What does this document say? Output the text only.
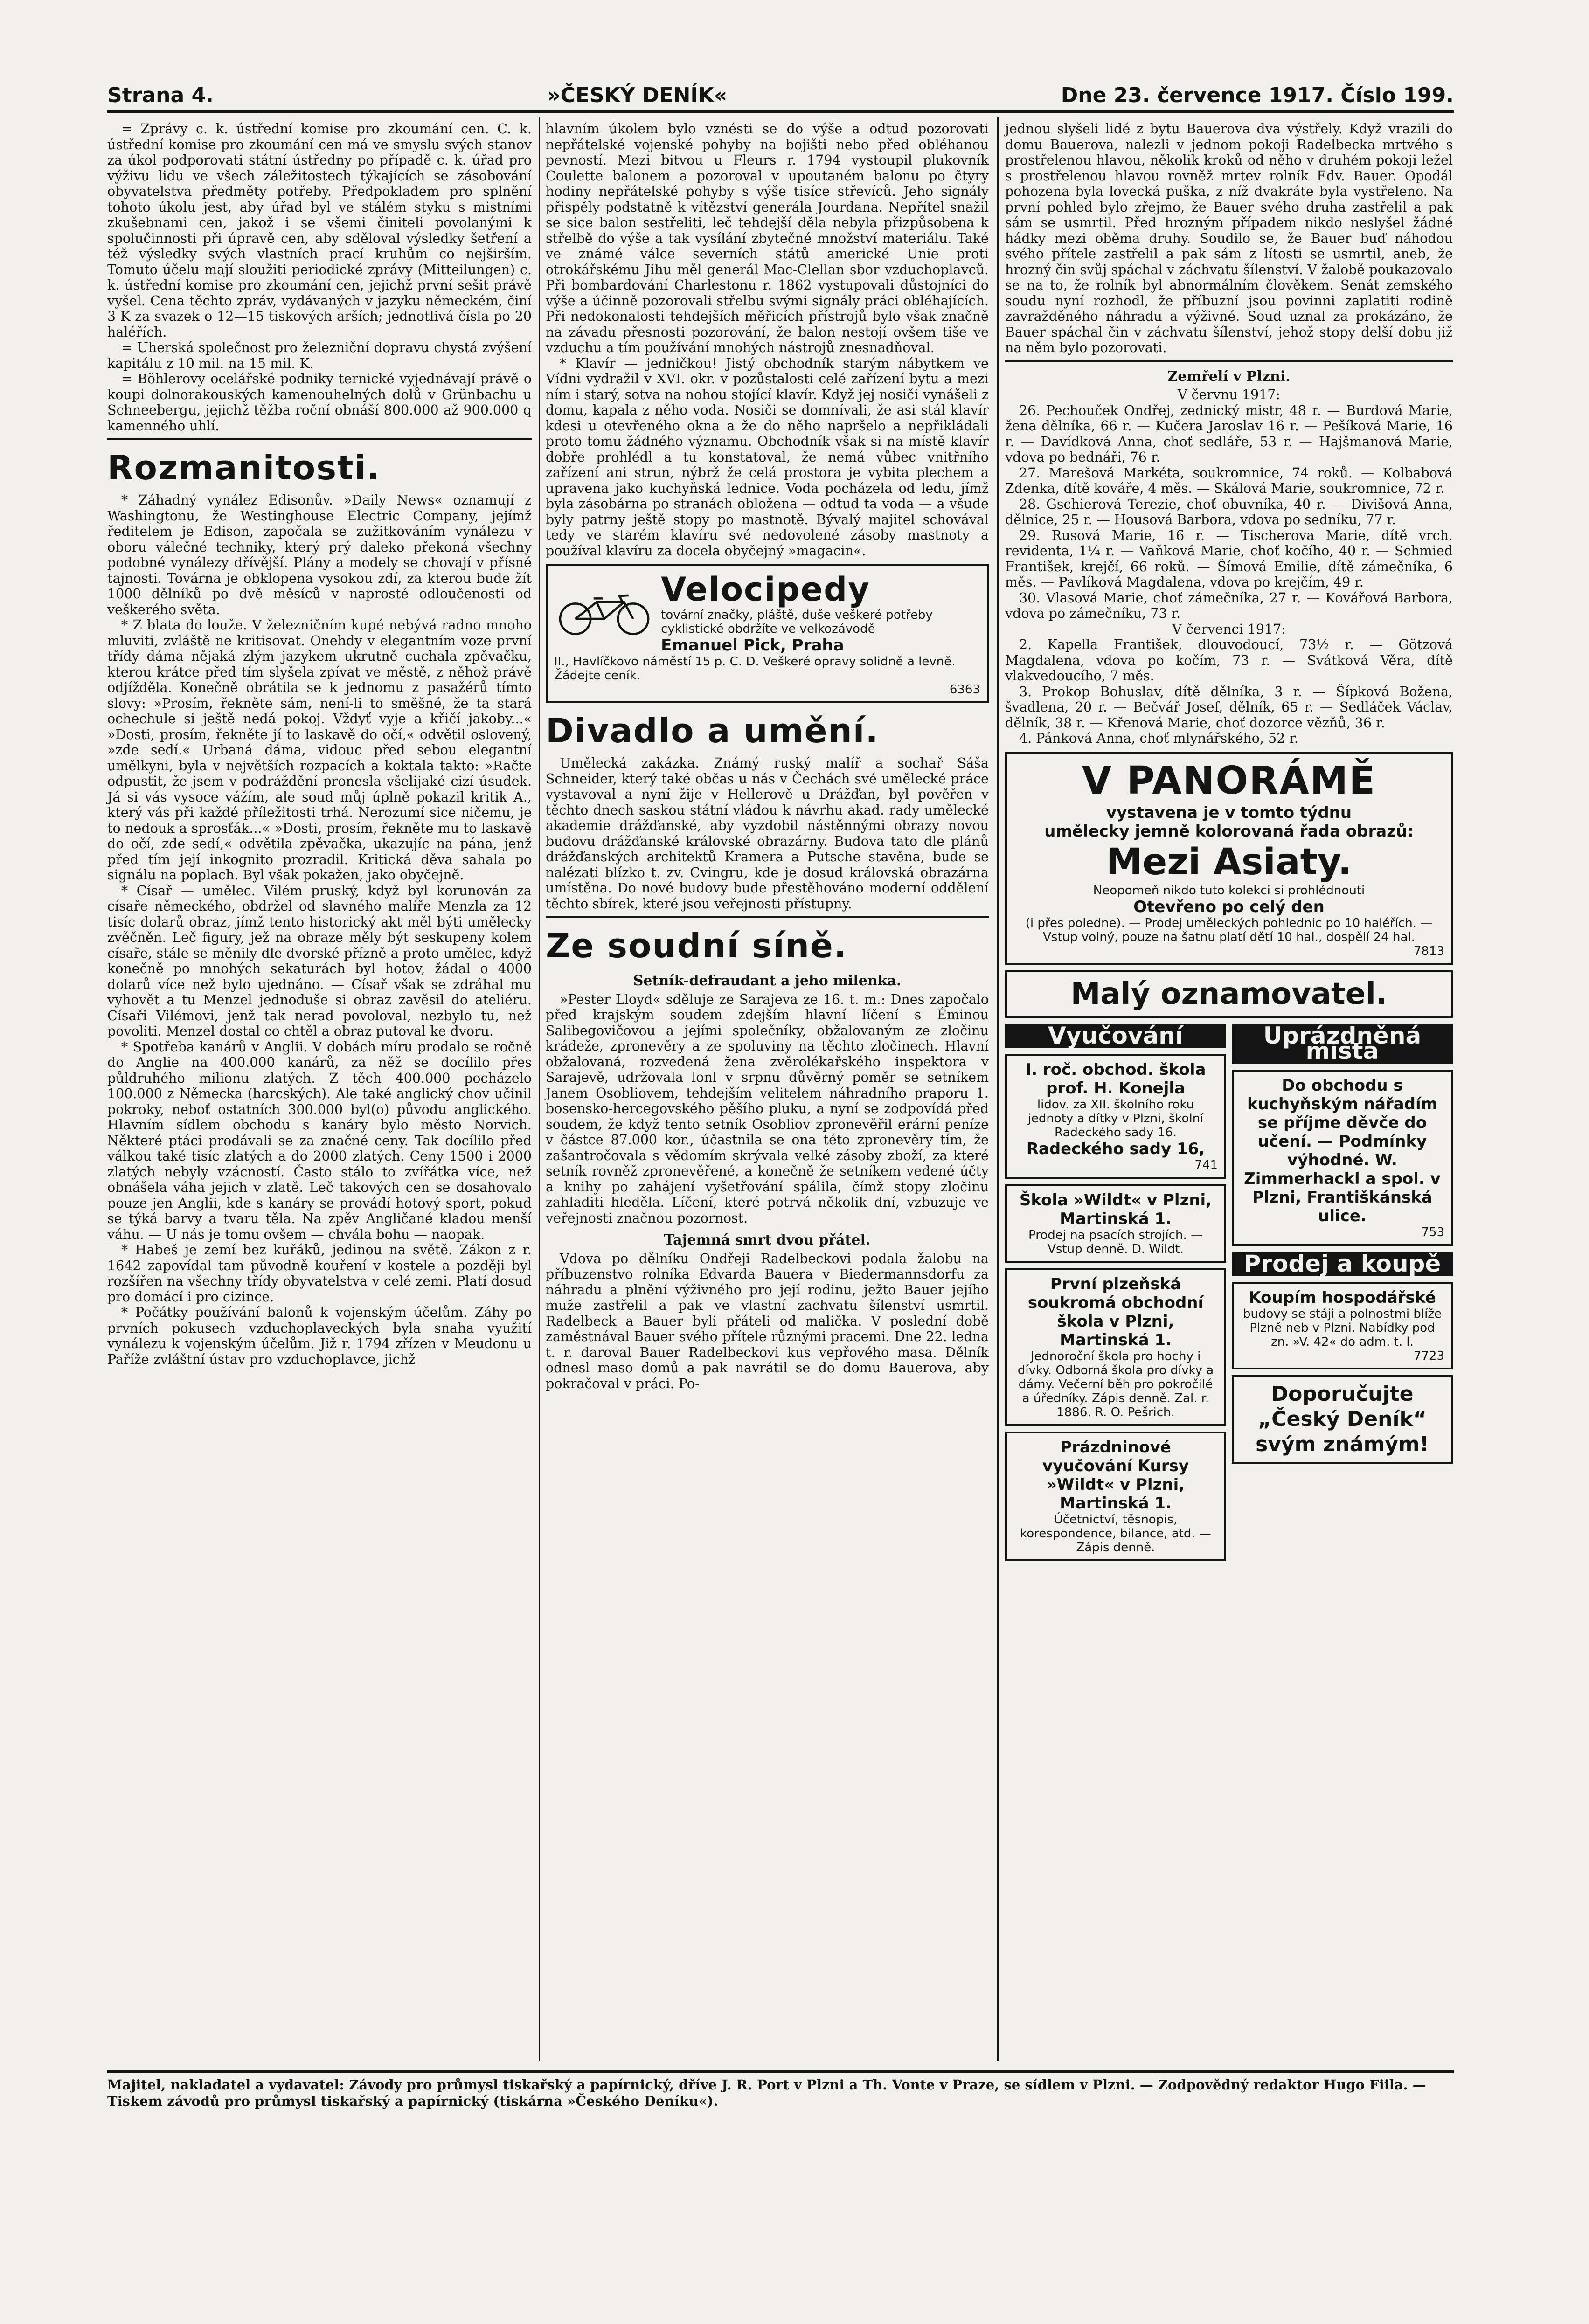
Strana 4.	»ČESKÝ DENÍK«	Dne 23. července 1917. Číslo 199.

= Zprávy c. k. ústřední komise pro zkoumání cen. C. k. ústřední komise pro zkoumání cen má ve smyslu svých stanov za úkol podporovati státní ústředny po případě c. k. úřad pro výživu lidu ve všech záležitostech týkajících se zásobování obyvatelstva předměty potřeby. Předpokladem pro splnění tohoto úkolu jest, aby úřad byl ve stálém styku s mistními zkušebnami cen, jakož i se všemi činiteli povolanými k spolučinnosti při úpravě cen, aby sděloval výsledky šetření a též výsledky svých vlastních prací kruhům co nejširším. Tomuto účelu mají sloužiti periodické zprávy (Mitteilungen) c. k. ústřední komise pro zkoumání cen, jejichž první sešit právě vyšel. Cena těchto zpráv, vydávaných v jazyku německém, činí 3 K za svazek o 12—15 tiskových arších; jednotlivá čísla po 20 haléřích.

= Uherská společnost pro železniční dopravu chystá zvýšení kapitálu z 10 mil. na 15 mil. K.

= Böhlerovy ocelářské podniky ternické vyjednávají právě o koupi dolnorakouských kamenouhelných dolů v Grünbachu u Schneebergu, jejichž těžba roční obnáší 800.000 až 900.000 q kamenného uhlí.

Rozmanitosti.

* Záhadný vynález Edisonův. »Daily News« oznamují z Washingtonu, že Westinghouse Electric Company, jejímž ředitelem je Edison, započala se zužitkováním vynálezu v oboru válečné techniky, který prý daleko překoná všechny podobné vynálezy dřívější. Plány a modely se chovají v přísné tajnosti. Továrna je obklopena vysokou zdí, za kterou bude žít 1000 dělníků po dvě měsíců v naprosté odloučenosti od veškerého světa.

* Z blata do louže. V železničním kupé nebývá radno mnoho mluviti, zvláště ne kritisovat. Onehdy v elegantním voze první třídy dáma nějaká zlým jazykem ukrutně cuchala zpěvačku, kterou krátce před tím slyšela zpívat ve městě, z něhož právě odjížděla. Konečně obrátila se k jednomu z pasažérů tímto slovy: »Prosím, řekněte sám, není-li to směšné, že ta stará ochechule si ještě nedá pokoj. Vždyť vyje a křičí jakoby...« »Dosti, prosím, řekněte jí to laskavě do očí,« odvětil oslovený, »zde sedí.« Urbaná dáma, vidouc před sebou elegantní umělkyni, byla v největších rozpacích a koktala takto: »Račte odpustit, že jsem v podráždění pronesla všelijaké cizí úsudek. Já si vás vysoce vážím, ale soud můj úplně pokazil kritik A., který vás při každé příležitosti trhá. Nerozumí sice ničemu, je to nedouk a sprosťák...« »Dosti, prosím, řekněte mu to laskavě do očí, zde sedí,« odvětila zpěvačka, ukazujíc na pána, jenž před tím její inkognito prozradil. Kritická děva sahala po signálu na poplach. Byl však pokažen, jako obyčejně.

* Císař — umělec. Vilém pruský, když byl korunován za císaře německého, obdržel od slavného malíře Menzla za 12 tisíc dolarů obraz, jímž tento historický akt měl býti umělecky zvěčněn. Leč figury, jež na obraze měly být seskupeny kolem císaře, stále se měnily dle dvorské přízně a proto umělec, když konečně po mnohých sekaturách byl hotov, žádal o 4000 dolarů více než bylo ujednáno. — Císař však se zdráhal mu vyhovět a tu Menzel jednoduše si obraz zavěsil do ateliéru. Císaři Vilémovi, jenž tak nerad povoloval, nezbylo tu, než povoliti. Menzel dostal co chtěl a obraz putoval ke dvoru.

* Spotřeba kanárů v Anglii. V dobách míru prodalo se ročně do Anglie na 400.000 kanárů, za něž se docílilo přes půldruhého milionu zlatých. Z těch 400.000 pocházelo 100.000 z Německa (harcských). Ale také anglický chov učinil pokroky, neboť ostatních 300.000 byl(o) původu anglického. Hlavním sídlem obchodu s kanáry bylo město Norvich. Některé ptáci prodávali se za značné ceny. Tak docílilo před válkou také tisíc zlatých a do 2000 zlatých. Ceny 1500 i 2000 zlatých nebyly vzácností. Často stálo to zvířátka více, než obnášela váha jejich v zlatě. Leč takových cen se dosahovalo pouze jen Anglii, kde s kanáry se provádí hotový sport, pokud se týká barvy a tvaru těla. Na zpěv Angličané kladou menší váhu. — U nás je tomu ovšem — chvála bohu — naopak.

* Habeš je zemí bez kuřáků, jedinou na světě. Zákon z r. 1642 zapovídal tam původně kouření v kostele a později byl rozšířen na všechny třídy obyvatelstva v celé zemi. Platí dosud pro domácí i pro cizince.

* Počátky používání balonů k vojenským účelům. Záhy po prvních pokusech vzduchoplaveckých byla snaha využití vynálezu k vojenským účelům. Již r. 1794 zřízen v Meudonu u Paříže zvláštní ústav pro vzduchoplavce, jichž

hlavním úkolem bylo vznésti se do výše a odtud pozorovati nepřátelské vojenské pohyby na bojišti nebo před obléhanou pevností. Mezi bitvou u Fleurs r. 1794 vystoupil plukovník Coulette balonem a pozoroval v upoutaném balonu po čtyry hodiny nepřátelské pohyby s výše tisíce střevíců. Jeho signály přispěly podstatně k vítězství generála Jourdana. Nepřítel snažil se sice balon sestřeliti, leč tehdejší děla nebyla přizpůsobena k střelbě do výše a tak vysílání zbytečné množství materiálu. Také ve známé válce severních států americké Unie proti otrokářskému Jihu měl generál Mac-Clellan sbor vzduchoplavců. Při bombardování Charlestonu r. 1862 vystupovali důstojníci do výše a účinně pozorovali střelbu svými signály práci obléhajících. Při nedokonalosti tehdejších měřicích přístrojů bylo však značně na závadu přesnosti pozorování, že balon nestojí ovšem tiše ve vzduchu a tím používání mnohých nástrojů znesnadňoval.

* Klavír — jedničkou! Jistý obchodník starým nábytkem ve Vídni vydražil v XVI. okr. v pozůstalosti celé zařízení bytu a mezi ním i starý, sotva na nohou stojící klavír. Když jej nosiči vynášeli z domu, kapala z něho voda. Nosiči se domnívali, že asi stál klavír kdesi u otevřeného okna a že do něho napršelo a nepřikládali proto tomu žádného významu. Obchodník však si na místě klavír dobře prohlédl a tu konstatoval, že nemá vůbec vnitřního zařízení ani strun, nýbrž že celá prostora je vybita plechem a upravena jako kuchyňská lednice. Voda pocházela od ledu, jímž byla zásobárna po stranách obložena — odtud ta voda — a všude byly patrny ještě stopy po mastnotě. Bývalý majitel schovával tedy ve starém klavíru své nedovolené zásoby mastnoty a používal klavíru za docela obyčejný »magacin«.

Velocipedy
tovární značky, pláště, duše veškeré potřeby cyklistické obdržíte ve velkozávodě
Emanuel Pick, Praha
II., Havlíčkovo náměstí 15 p. C. D. Veškeré opravy solidně a levně. Žádejte ceník.
6363
Divadlo a umění.

Umělecká zakázka. Známý ruský malíř a sochař Sáša Schneider, který také občas u nás v Čechách své umělecké práce vystavoval a nyní žije v Hellerově u Drážďan, byl pověřen v těchto dnech saskou státní vládou k návrhu akad. rady umělecké akademie drážďanské, aby vyzdobil nástěnnými obrazy novou budovu drážďanské královské obrazárny. Budova tato dle plánů drážďanských architektů Kramera a Putsche stavěna, bude se nalézati blízko t. zv. Cvingru, kde je dosud královská obrazárna umístěna. Do nové budovy bude přestěhováno moderní oddělení těchto sbírek, které jsou veřejnosti přístupny.

Ze soudní síně.
Setník-defraudant a jeho milenka.

»Pester Lloyd« sděluje ze Sarajeva ze 16. t. m.: Dnes započalo před krajským soudem zdejším hlavní líčení s Éminou Salibegovičovou a jejími společníky, obžalovaným ze zločinu krádeže, zpronevěry a ze spoluviny na těchto zločinech. Hlavní obžalovaná, rozvedená žena zvěrolékařského inspektora v Sarajevě, udržovala lonl v srpnu důvěrný poměr se setníkem Janem Osobliovem, tehdejším velitelem náhradního praporu 1. bosensko-hercegovského pěšího pluku, a nyní se zodpovídá před soudem, že když tento setník Osobliov zpronevěřil erární peníze v částce 87.000 kor., účastnila se ona této zpronevěry tím, že zašantročovala s vědomím skrývala velké zásoby zboží, za které setník rovněž zpronevěřené, a konečně že setníkem vedené účty a knihy po zahájení vyšetřování spálila, čímž stopy zločinu zahladiti hleděla. Líčení, které potrvá několik dní, vzbuzuje ve veřejnosti značnou pozornost.

Tajemná smrt dvou přátel.

Vdova po dělníku Ondřeji Radelbeckovi podala žalobu na příbuzenstvo rolníka Edvarda Bauera v Biedermannsdorfu za náhradu a plnění výživného pro její rodinu, ježto Bauer jejího muže zastřelil a pak ve vlastní zachvatu šílenství usmrtil. Radelbeck a Bauer byli přáteli od malička. V poslední době zaměstnával Bauer svého přítele různými pracemi. Dne 22. ledna t. r. daroval Bauer Radelbeckovi kus vepřového masa. Dělník odnesl maso domů a pak navrátil se do domu Bauerova, aby pokračoval v práci. Po-

jednou slyšeli lidé z bytu Bauerova dva výstřely. Když vrazili do domu Bauerova, nalezli v jednom pokoji Radelbecka mrtvého s prostřelenou hlavou, několik kroků od něho v druhém pokoji ležel s prostřelenou hlavou rovněž mrtev rolník Edv. Bauer. Opodál pohozena byla lovecká puška, z níž dvakráte byla vystřeleno. Na první pohled bylo zřejmo, že Bauer svého druha zastřelil a pak sám se usmrtil. Před hrozným případem nikdo neslyšel žádné hádky mezi oběma druhy. Soudilo se, že Bauer buď náhodou svého přítele zastřelil a pak sám z lítosti se usmrtil, aneb, že hrozný čin svůj spáchal v záchvatu šílenství. V žalobě poukazovalo se na to, že rolník byl abnormálním člověkem. Senát zemského soudu nyní rozhodl, že příbuzní jsou povinni zaplatiti rodině zavražděného náhradu a výživné. Soud uznal za prokázáno, že Bauer spáchal čin v záchvatu šílenství, jehož stopy delší dobu již na něm bylo pozorovati.

Zemřelí v Plzni.

V červnu 1917:

26. Pechouček Ondřej, zednický mistr, 48 r. — Burdová Marie, žena dělníka, 66 r. — Kučera Jaroslav 16 r. — Pešíková Marie, 16 r. — Davídková Anna, choť sedláře, 53 r. — Hajšmanová Marie, vdova po bednáři, 76 r.

27. Marešová Markéta, soukromnice, 74 roků. — Kolbabová Zdenka, dítě kováře, 4 měs. — Skálová Marie, soukromnice, 72 r.

28. Gschierová Terezie, choť obuvníka, 40 r. — Divišová Anna, dělnice, 25 r. — Housová Barbora, vdova po sedníku, 77 r.

29. Rusová Marie, 16 r. — Tischerova Marie, dítě vrch. revidenta, 1¼ r. — Vaňková Marie, choť kočího, 40 r. — Schmied František, krejčí, 66 roků. — Šímová Emilie, dítě zámečníka, 6 měs. — Pavlíková Magdalena, vdova po krejčím, 49 r.

30. Vlasová Marie, choť zámečníka, 27 r. — Kovářová Barbora, vdova po zámečníku, 73 r.

V červenci 1917:

2. Kapella František, dlouvodoucí, 73½ r. — Götzová Magdalena, vdova po kočím, 73 r. — Svátková Věra, dítě vlakvedoucího, 7 měs.

3. Prokop Bohuslav, dítě dělníka, 3 r. — Šípková Božena, švadlena, 20 r. — Bečvář Josef, dělník, 65 r. — Sedláček Václav, dělník, 38 r. — Křenová Marie, choť dozorce vězňů, 36 r.

4. Pánková Anna, choť mlynářského, 52 r.

V PANORÁMĚ
vystavena je v tomto týdnu
umělecky jemně kolorovaná řada obrazů:
Mezi Asiaty.
Neopomeň nikdo tuto kolekci si prohlédnouti
Otevřeno po celý den
(i přes poledne). — Prodej uměleckých pohlednic po 10 haléřích. — Vstup volný, pouze na šatnu platí dětí 10 hal., dospělí 24 hal.
7813
Malý oznamovatel.
Vyučování
I. roč. obchod. škola prof. H. Konejla
lidov. za XII. školního roku jednoty a dítky v Plzni, školní Radeckého sady 16.
Radeckého sady 16,
741
Škola »Wildt« v Plzni, Martinská 1.
Prodej na psacích strojích. — Vstup denně. D. Wildt.
První plzeňská soukromá obchodní škola v Plzni, Martinská 1.
Jednoroční škola pro hochy i dívky. Odborná škola pro dívky a dámy. Večerní běh pro pokročilé a úředníky. Zápis denně. Zal. r. 1886. R. O. Pešrich.
Prázdninové vyučování Kursy »Wildt« v Plzni, Martinská 1.
Účetnictví, těsnopis, korespondence, bilance, atd. — Zápis denně.
Uprázdněná místa
Do obchodu s kuchyňským nářadím se příjme děvče do učení. — Podmínky výhodné. W. Zimmerhackl a spol. v Plzni, Františkánská ulice.
753
Prodej a koupě
Koupím hospodářské
budovy se stáji a polnostmi blíže Plzně neb v Plzni. Nabídky pod zn. »V. 42« do adm. t. l.
7723
Doporučujte „Český Deník“ svým známým!
Majitel, nakladatel a vydavatel: Závody pro průmysl tiskařský a papírnický, dříve J. R. Port v Plzni a Th. Vonte v Praze, se sídlem v Plzni. — Zodpovědný redaktor Hugo Fiila. — Tiskem závodů pro průmysl tiskařský a papírnický (tiskárna »Českého Deníku«).
